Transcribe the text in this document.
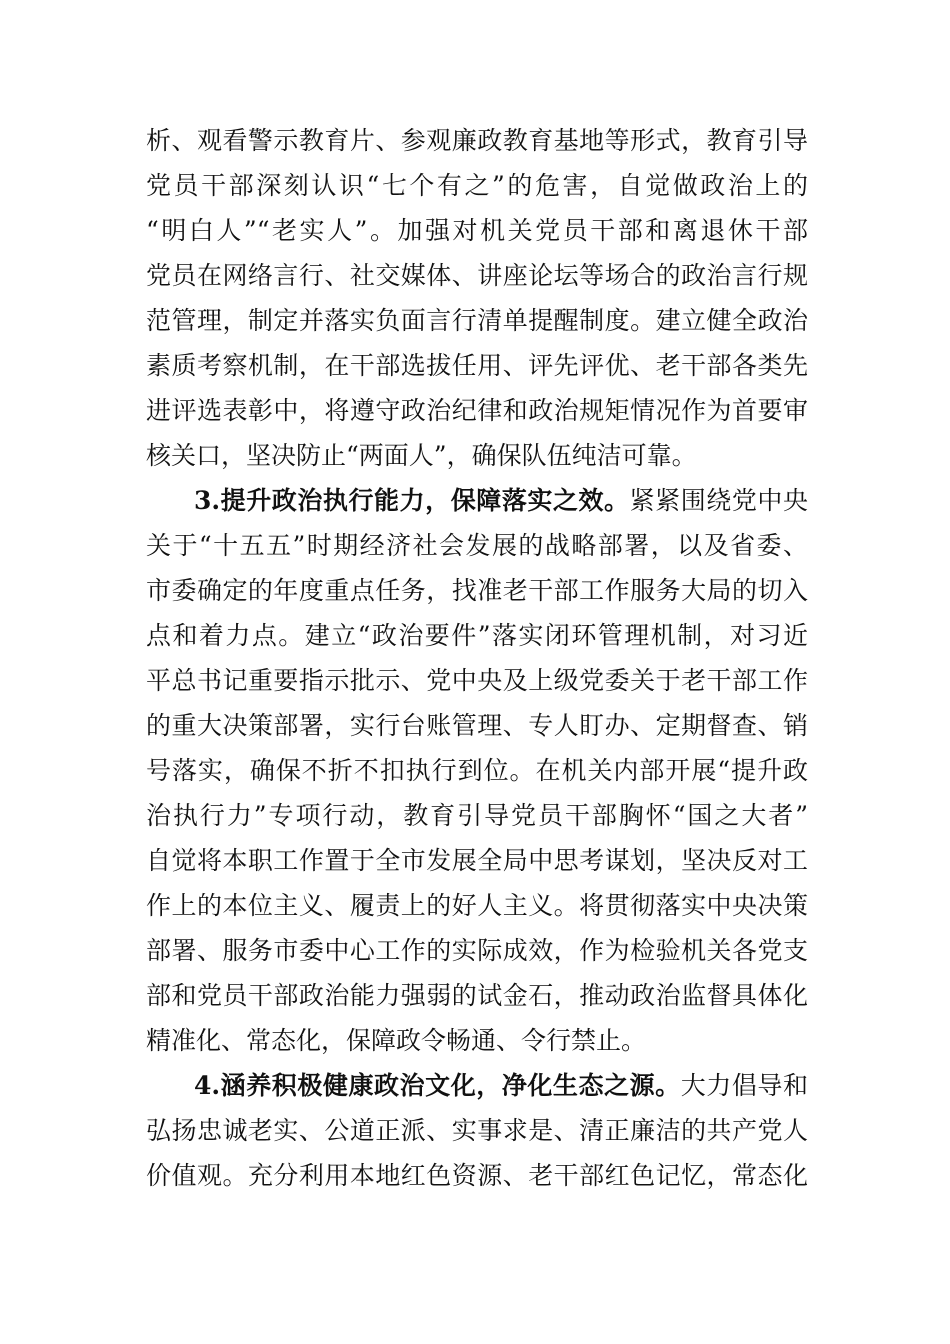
析、观看警示教育片、参观廉政教育基地等形式，教育引导
党员干部深刻认识“七个有之”的危害，自觉做政治上的
“明白人”“老实人”。加强对机关党员干部和离退休干部
党员在网络言行、社交媒体、讲座论坛等场合的政治言行规
范管理，制定并落实负面言行清单提醒制度。建立健全政治
素质考察机制，在干部选拔任用、评先评优、老干部各类先
进评选表彰中，将遵守政治纪律和政治规矩情况作为首要审
核关口，坚决防止“两面人”，确保队伍纯洁可靠。
3.提升政治执行能力，保障落实之效。紧紧围绕党中央
关于“十五五”时期经济社会发展的战略部署，以及省委、
市委确定的年度重点任务，找准老干部工作服务大局的切入
点和着力点。建立“政治要件”落实闭环管理机制，对习近
平总书记重要指示批示、党中央及上级党委关于老干部工作
的重大决策部署，实行台账管理、专人盯办、定期督查、销
号落实，确保不折不扣执行到位。在机关内部开展“提升政
治执行力”专项行动，教育引导党员干部胸怀“国之大者”
自觉将本职工作置于全市发展全局中思考谋划，坚决反对工
作上的本位主义、履责上的好人主义。将贯彻落实中央决策
部署、服务市委中心工作的实际成效，作为检验机关各党支
部和党员干部政治能力强弱的试金石，推动政治监督具体化
精准化、常态化，保障政令畅通、令行禁止。
4.涵养积极健康政治文化，净化生态之源。大力倡导和
弘扬忠诚老实、公道正派、实事求是、清正廉洁的共产党人
价值观。充分利用本地红色资源、老干部红色记忆，常态化
